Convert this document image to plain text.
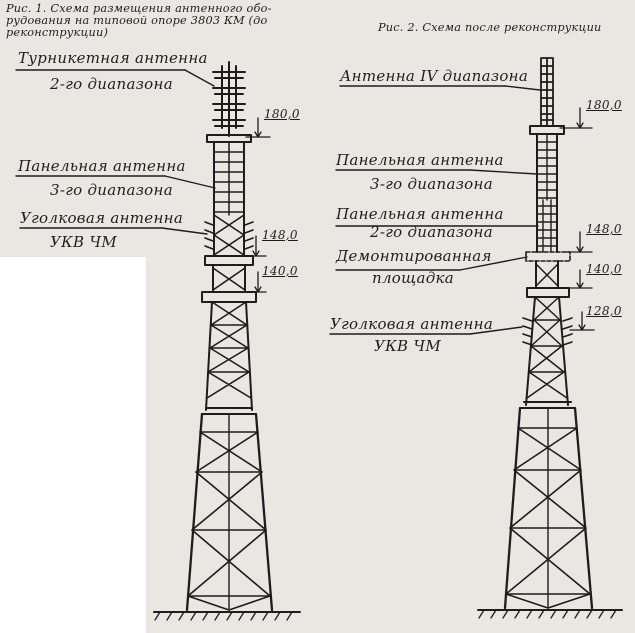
Рис. 1. Схема размещения антенного обо-
рудования на типовой опоре 3803 КМ (до
реконструкции)	Рис. 2. Схема после реконструкции
Турникетная антенна
2-го диапазона
Панельная антенна
3-го диапазона
Уголковая антенна
УКВ ЧМ
180,0
148,0
140,0
Антенна IV диапазона
Панельная антенна
3-го диапазона
Панельная антенна
2-го диапазона
Демонтированная
площадка
Уголковая антенна
УКВ ЧМ
180,0
148,0
140,0
128,0
